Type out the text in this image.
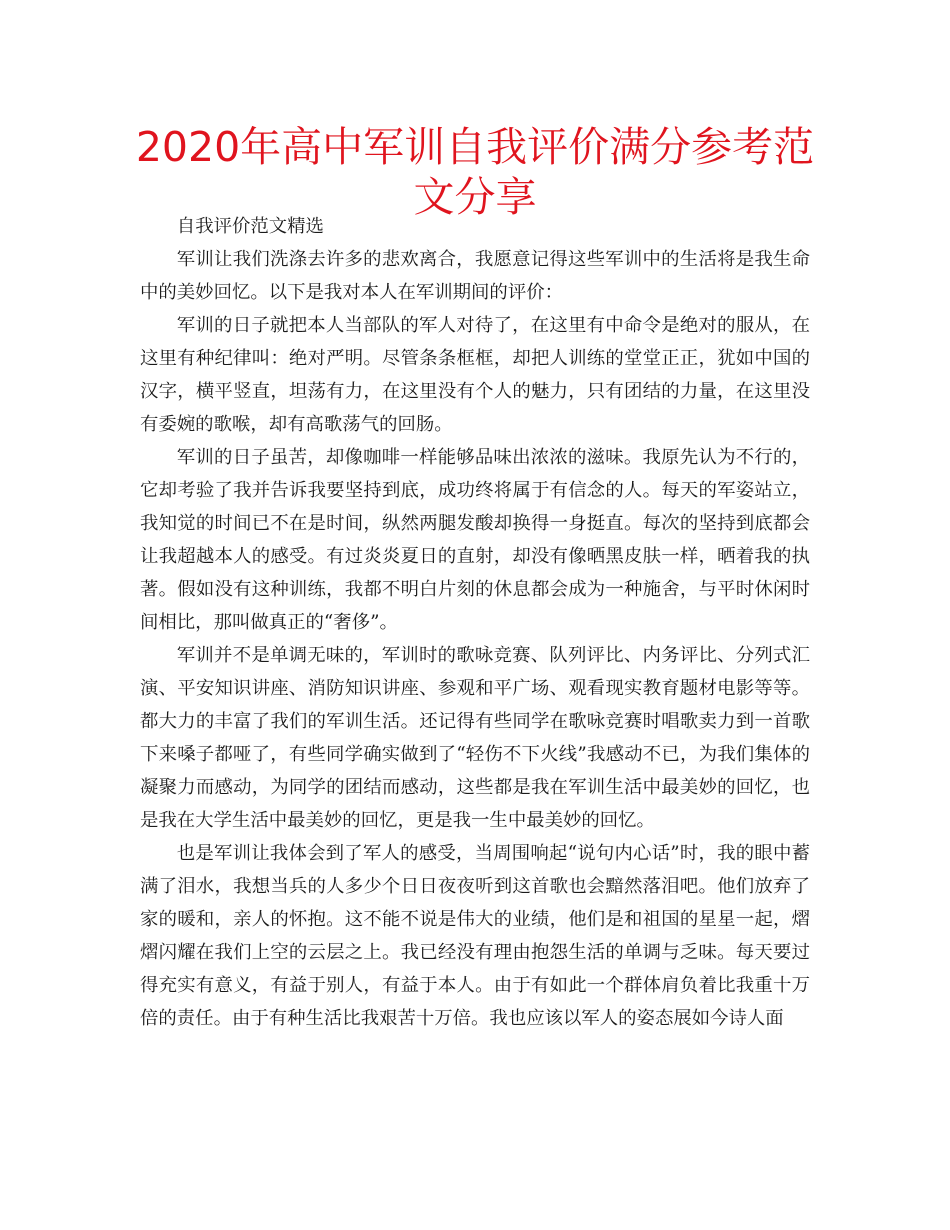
2020年高中军训自我评价满分参考范文分享

自我评价范文精选

军训让我们洗涤去许多的悲欢离合，我愿意记得这些军训中的生活将是我生命中的美妙回忆。以下是我对本人在军训期间的评价：

军训的日子就把本人当部队的军人对待了，在这里有中命令是绝对的服从，在这里有种纪律叫：绝对严明。尽管条条框框，却把人训练的堂堂正正，犹如中国的汉字，横平竖直，坦荡有力，在这里没有个人的魅力，只有团结的力量，在这里没有委婉的歌喉，却有高歌荡气的回肠。

军训的日子虽苦，却像咖啡一样能够品味出浓浓的滋味。我原先认为不行的，它却考验了我并告诉我要坚持到底，成功终将属于有信念的人。每天的军姿站立，我知觉的时间已不在是时间，纵然两腿发酸却换得一身挺直。每次的坚持到底都会让我超越本人的感受。有过炎炎夏日的直射，却没有像晒黑皮肤一样，晒着我的执著。假如没有这种训练，我都不明白片刻的休息都会成为一种施舍，与平时休闲时间相比，那叫做真正的“奢侈”。

军训并不是单调无味的，军训时的歌咏竞赛、队列评比、内务评比、分列式汇演、平安知识讲座、消防知识讲座、参观和平广场、观看现实教育题材电影等等。都大力的丰富了我们的军训生活。还记得有些同学在歌咏竞赛时唱歌卖力到一首歌下来嗓子都哑了，有些同学确实做到了“轻伤不下火线”我感动不已，为我们集体的凝聚力而感动，为同学的团结而感动，这些都是我在军训生活中最美妙的回忆，也是我在大学生活中最美妙的回忆，更是我一生中最美妙的回忆。

也是军训让我体会到了军人的感受，当周围响起“说句内心话”时，我的眼中蓄满了泪水，我想当兵的人多少个日日夜夜听到这首歌也会黯然落泪吧。他们放弃了家的暖和，亲人的怀抱。这不能不说是伟大的业绩，他们是和祖国的星星一起，熠熠闪耀在我们上空的云层之上。我已经没有理由抱怨生活的单调与乏味。每天要过得充实有意义，有益于别人，有益于本人。由于有如此一个群体肩负着比我重十万倍的责任。由于有种生活比我艰苦十万倍。我也应该以军人的姿态展如今诗人面
